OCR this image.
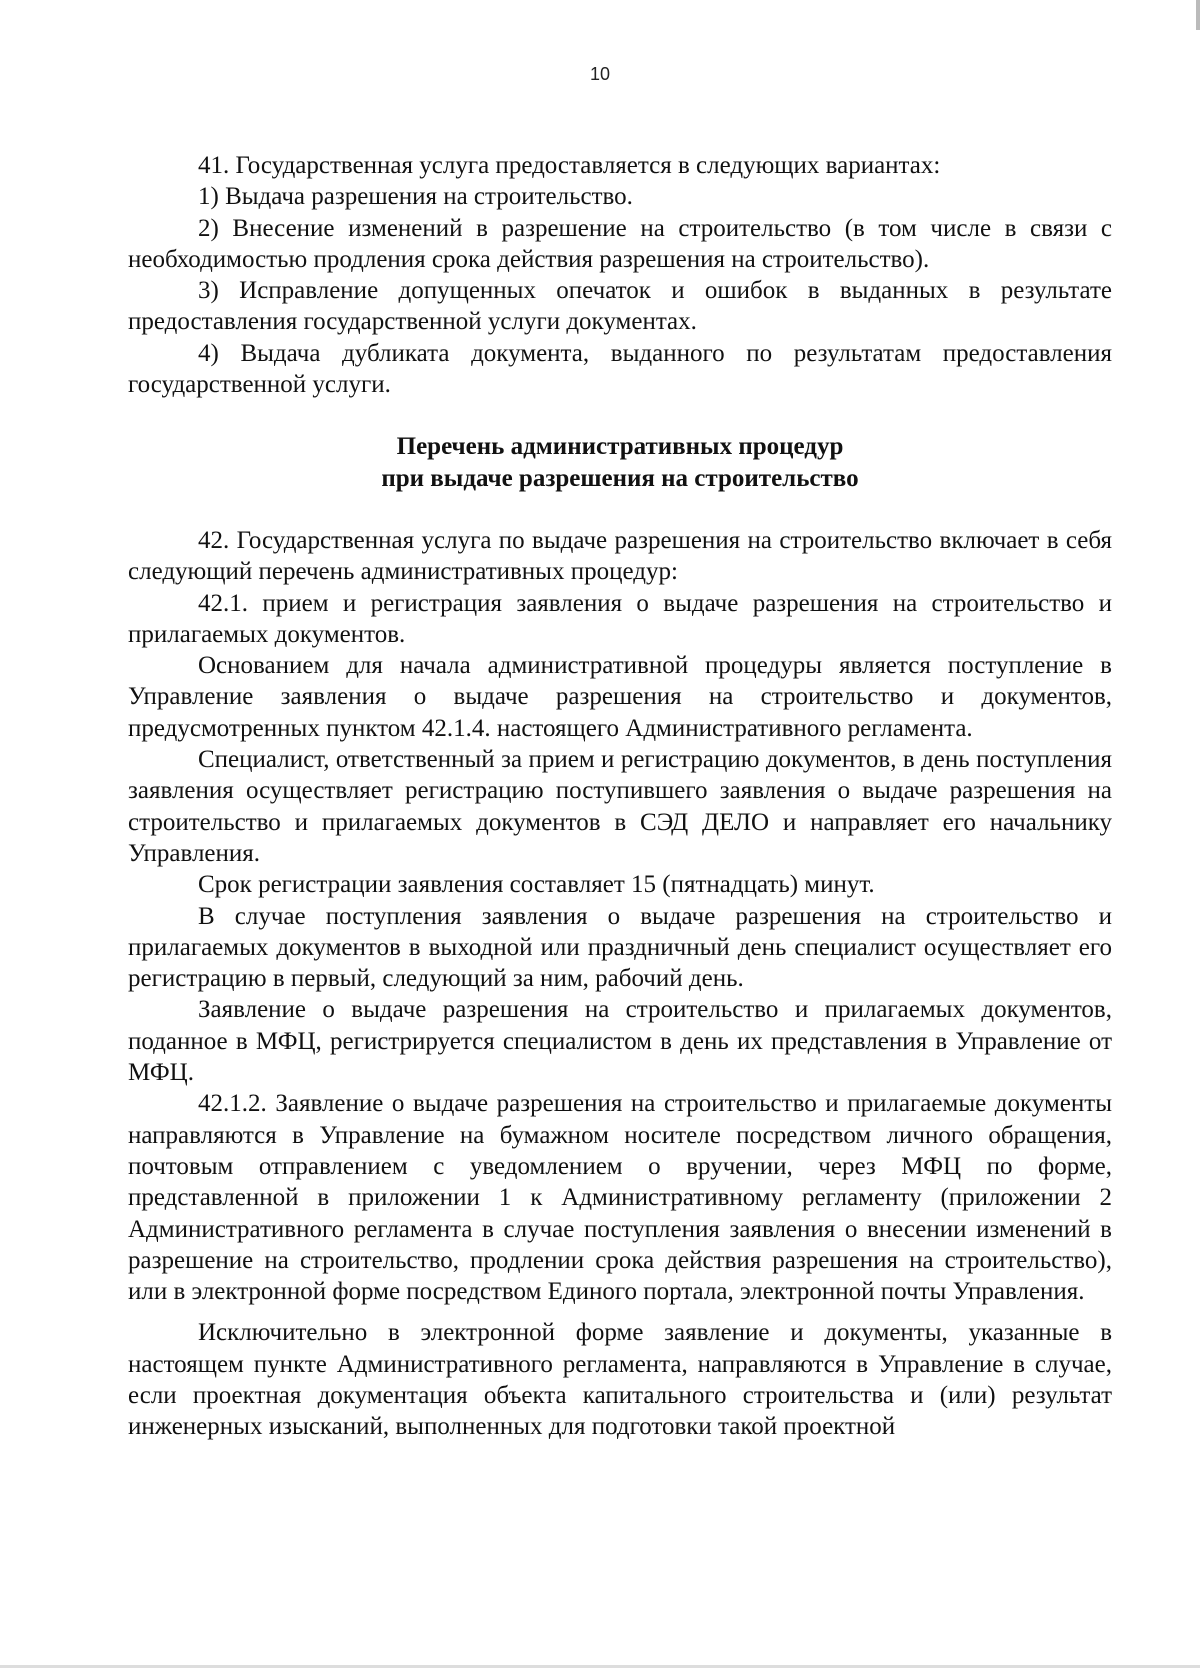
10

41. Государственная услуга предоставляется в следующих вариантах:

1) Выдача разрешения на строительство.

2) Внесение изменений в разрешение на строительство (в том числе в связи с необходимостью продления срока действия разрешения на строительство).

3) Исправление допущенных опечаток и ошибок в выданных в результате предоставления государственной услуги документах.

4) Выдача дубликата документа, выданного по результатам предоставления государственной услуги.

Перечень административных процедур
при выдаче разрешения на строительство

42. Государственная услуга по выдаче разрешения на строительство включает в себя следующий перечень административных процедур:

42.1. прием и регистрация заявления о выдаче разрешения на строительство и прилагаемых документов.

Основанием для начала административной процедуры является поступление в Управление заявления о выдаче разрешения на строительство и документов, предусмотренных пунктом 42.1.4. настоящего Административного регламента.

Специалист, ответственный за прием и регистрацию документов, в день поступления заявления осуществляет регистрацию поступившего заявления о выдаче разрешения на строительство и прилагаемых документов в СЭД ДЕЛО и направляет его начальнику Управления.

Срок регистрации заявления составляет 15 (пятнадцать) минут.

В случае поступления заявления о выдаче разрешения на строительство и прилагаемых документов в выходной или праздничный день специалист осуществляет его регистрацию в первый, следующий за ним, рабочий день.

Заявление о выдаче разрешения на строительство и прилагаемых документов, поданное в МФЦ, регистрируется специалистом в день их представления в Управление от МФЦ.

42.1.2. Заявление о выдаче разрешения на строительство и прилагаемые документы направляются в Управление на бумажном носителе посредством личного обращения, почтовым отправлением с уведомлением о вручении, через МФЦ по форме, представленной в приложении 1 к Административному регламенту (приложении 2 Административного регламента в случае поступления заявления о внесении изменений в разрешение на строительство, продлении срока действия разрешения на строительство), или в электронной форме посредством Единого портала, электронной почты Управления.

Исключительно в электронной форме заявление и документы, указанные в настоящем пункте Административного регламента, направляются в Управление в случае, если проектная документация объекта капитального строительства и (или) результат инженерных изысканий, выполненных для подготовки такой проектной
